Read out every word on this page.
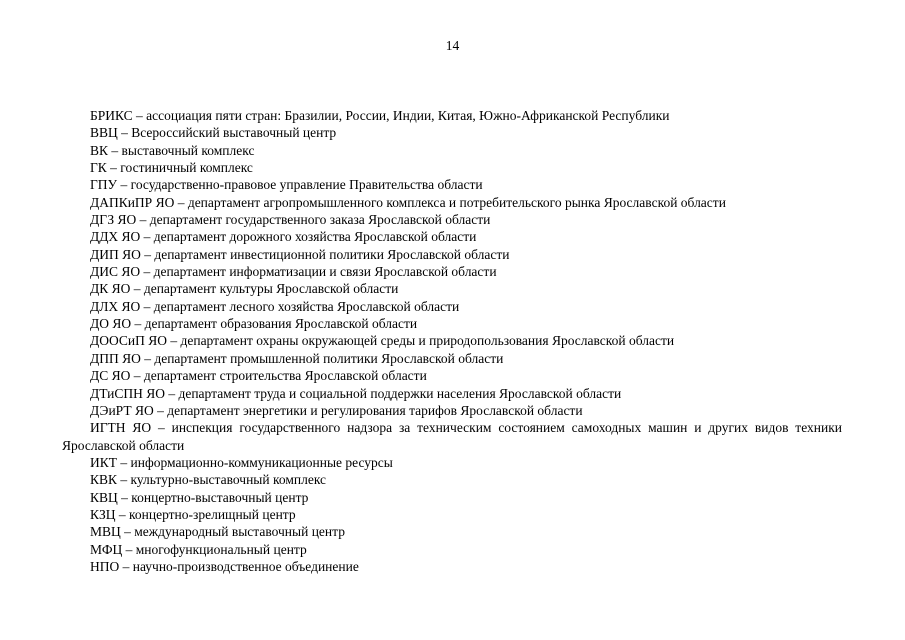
14
БРИКС – ассоциация пяти стран: Бразилии, России, Индии, Китая, Южно-Африканской Республики
ВВЦ – Всероссийский выставочный центр
ВК – выставочный комплекс
ГК – гостиничный комплекс
ГПУ – государственно-правовое управление Правительства области
ДАПКиПР ЯО – департамент агропромышленного комплекса и потребительского рынка Ярославской области
ДГЗ ЯО – департамент государственного заказа Ярославской области
ДДХ ЯО – департамент дорожного хозяйства Ярославской области
ДИП ЯО – департамент инвестиционной политики Ярославской области
ДИС ЯО – департамент информатизации и связи Ярославской области
ДК ЯО – департамент культуры Ярославской области
ДЛХ ЯО – департамент лесного хозяйства Ярославской области
ДО ЯО – департамент образования Ярославской области
ДООСиП ЯО – департамент охраны окружающей среды и природопользования Ярославской области
ДПП ЯО – департамент промышленной политики Ярославской области
ДС ЯО – департамент строительства Ярославской области
ДТиСПН ЯО – департамент труда и социальной поддержки населения Ярославской области
ДЭиРТ ЯО – департамент энергетики и регулирования тарифов Ярославской области
ИГТН ЯО – инспекция государственного надзора за техническим состоянием самоходных машин и других видов техники Ярославской области
ИКТ – информационно-коммуникационные ресурсы
КВК – культурно-выставочный комплекс
КВЦ – концертно-выставочный центр
КЗЦ – концертно-зрелищный центр
МВЦ – международный выставочный центр
МФЦ – многофункциональный центр
НПО – научно-производственное объединение
